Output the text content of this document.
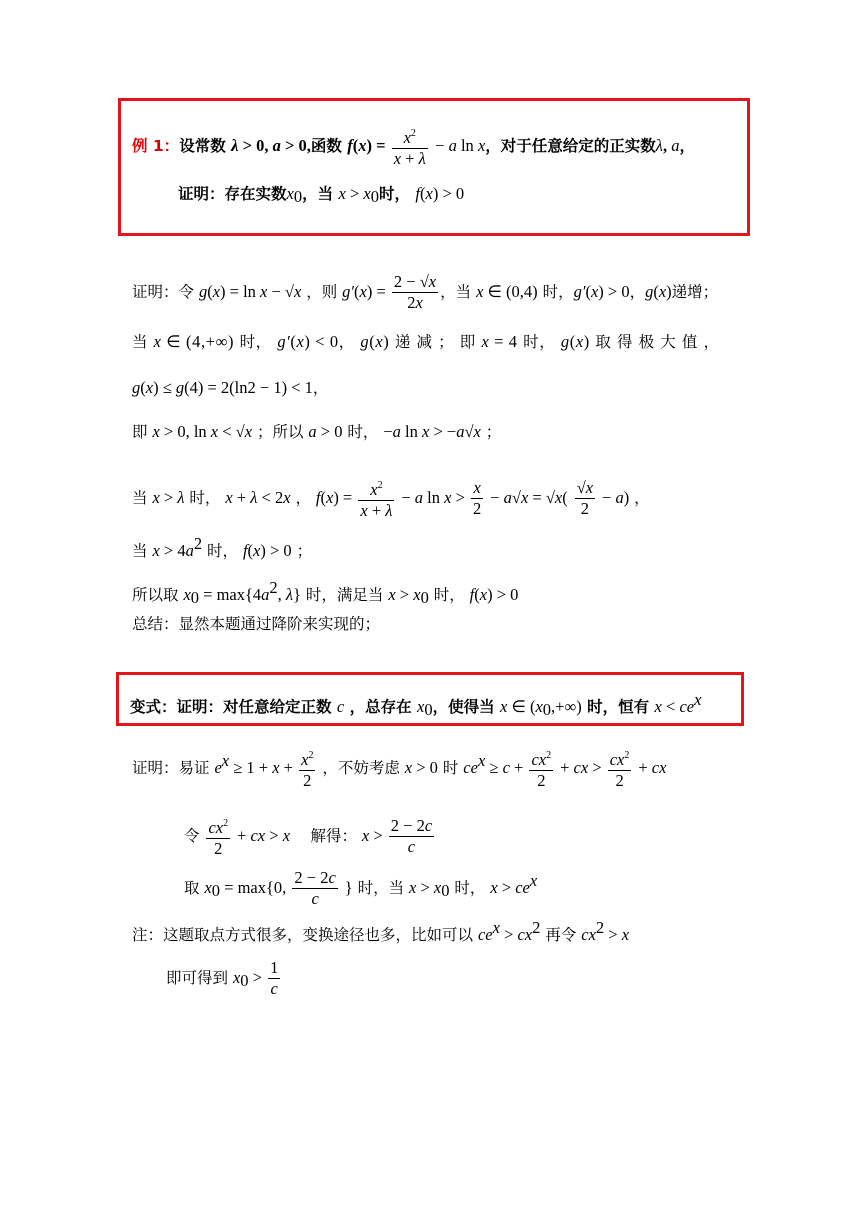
例 1：设常数 λ > 0, a > 0,函数 $f(x) = \frac{x^2}{x + \lambda} - a$ ln x，对于任意给定的正实数λ, a，
证明：存在实数$x_0$，当 $x > x_0$时， f(x) > 0
证明：令 g(x) = ln x − √x ，则 $g'(x) = \frac{2 - √x}{2x}$ ，当 x ∈ (0,4) 时，g′(x) > 0，g(x)递增；
当 x ∈ (4,+∞) 时， g′(x) < 0， g(x) 递 减 ； 即 x = 4 时， g(x) 取 得 极 大 值 ，
g(x) ≤ g(4) = 2(ln2 − 1) < 1，
即 x > 0, ln x < √x ；所以 a > 0 时， −a ln x > −a√x ；
当 x > λ 时， x + λ < 2x ， $f(x) = \frac{x^2}{x + \lambda} - a$ $\ln x > \frac{x}{2} - a√x = √x( \frac{√x}{2} - a)$ ，
当 $x > 4a^2$ 时， f(x) > 0 ；
所以取 $x_0 = \max\{4a^2$, λ} 时，满足当 $x > x_0$ 时， f(x) > 0
总结：显然本题通过降阶来实现的；
变式：证明：对任意给定正数 c ，总存在 $x_0$，使得当 x ∈ $(x_0,+\infty)$ 时，恒有 $x < ce^x$
证明：易证 $e^x \ge 1 + x + \frac{x^2}{2}$ ，不妨考虑 x > 0 时 $ce^x \ge c + \frac{cx^2}{2}$ + cx > $\frac{cx^2}{2}$ + cx
令 $\frac{cx^2}{2}$ + cx > x 　解得： $x > \frac{2 - 2c}{c}$
取 $x_0 = \max\{0$, $\frac{2 - 2c}{c}$ } 时，当 $x > x_0$ 时， $x > ce^x$
注：这题取点方式很多，变换途径也多，比如可以 $ce^x > cx^2$ 再令 $cx^2 > x$
即可得到 $x_0 > \frac{1}{c}$
